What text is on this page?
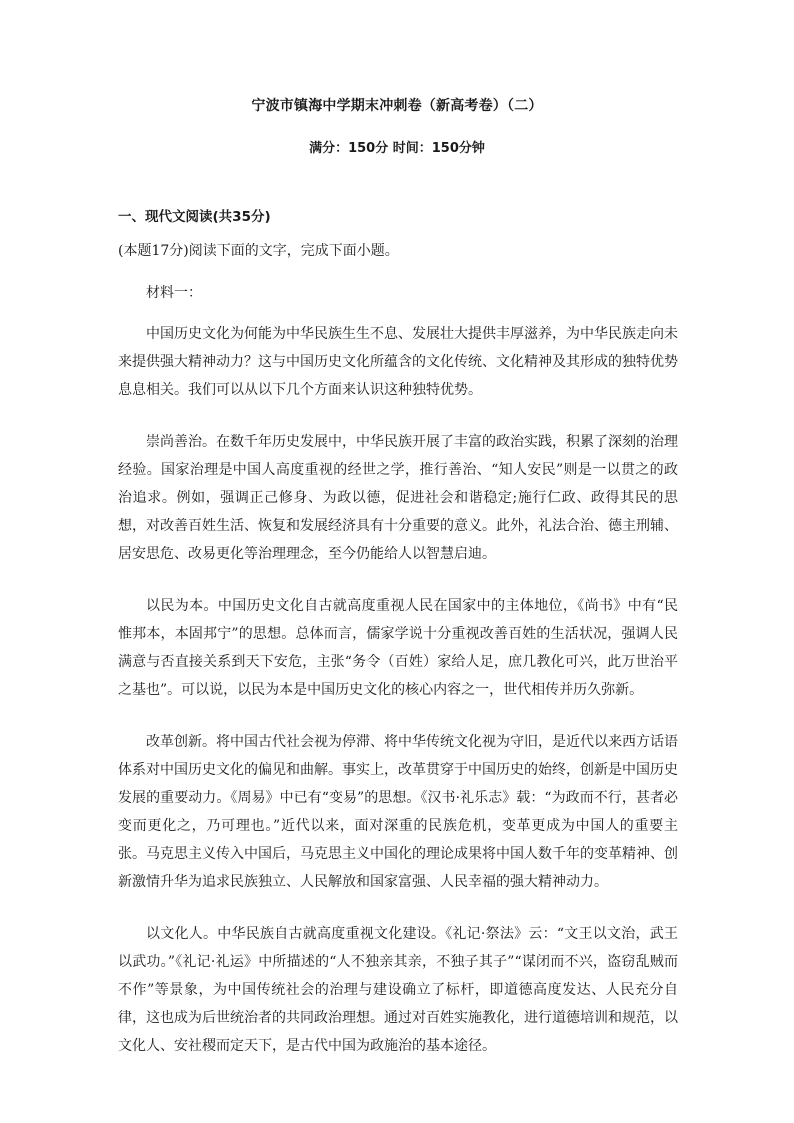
宁波市镇海中学期末冲刺卷（新高考卷）（二）
满分：150分 时间：150分钟
一、现代文阅读(共35分)
(本题17分)阅读下面的文字，完成下面小题。
材料一：

中国历史文化为何能为中华民族生生不息、发展壮大提供丰厚滋养，为中华民族走向未来提供强大精神动力？这与中国历史文化所蕴含的文化传统、文化精神及其形成的独特优势息息相关。我们可以从以下几个方面来认识这种独特优势。

崇尚善治。在数千年历史发展中，中华民族开展了丰富的政治实践，积累了深刻的治理经验。国家治理是中国人高度重视的经世之学，推行善治、“知人安民”则是一以贯之的政治追求。例如，强调正己修身、为政以德，促进社会和谐稳定;施行仁政、政得其民的思想，对改善百姓生活、恢复和发展经济具有十分重要的意义。此外，礼法合治、德主刑辅、居安思危、改易更化等治理理念，至今仍能给人以智慧启迪。

以民为本。中国历史文化自古就高度重视人民在国家中的主体地位，《尚书》中有“民惟邦本，本固邦宁”的思想。总体而言，儒家学说十分重视改善百姓的生活状况，强调人民满意与否直接关系到天下安危，主张“务令（百姓）家给人足，庶几教化可兴，此万世治平之基也”。可以说，以民为本是中国历史文化的核心内容之一，世代相传并历久弥新。

改革创新。将中国古代社会视为停滞、将中华传统文化视为守旧，是近代以来西方话语体系对中国历史文化的偏见和曲解。事实上，改革贯穿于中国历史的始终，创新是中国历史发展的重要动力。《周易》中已有“变易”的思想。《汉书·礼乐志》载：“为政而不行，甚者必变而更化之，乃可理也。”近代以来，面对深重的民族危机，变革更成为中国人的重要主张。马克思主义传入中国后，马克思主义中国化的理论成果将中国人数千年的变革精神、创新激情升华为追求民族独立、人民解放和国家富强、人民幸福的强大精神动力。

以文化人。中华民族自古就高度重视文化建设。《礼记·祭法》云：“文王以文治，武王以武功。”《礼记·礼运》中所描述的“人不独亲其亲，不独子其子”“谋闭而不兴，盗窃乱贼而不作”等景象，为中国传统社会的治理与建设确立了标杆，即道德高度发达、人民充分自律，这也成为后世统治者的共同政治理想。通过对百姓实施教化，进行道德培训和规范，以文化人、安社稷而定天下，是古代中国为政施治的基本途径。
